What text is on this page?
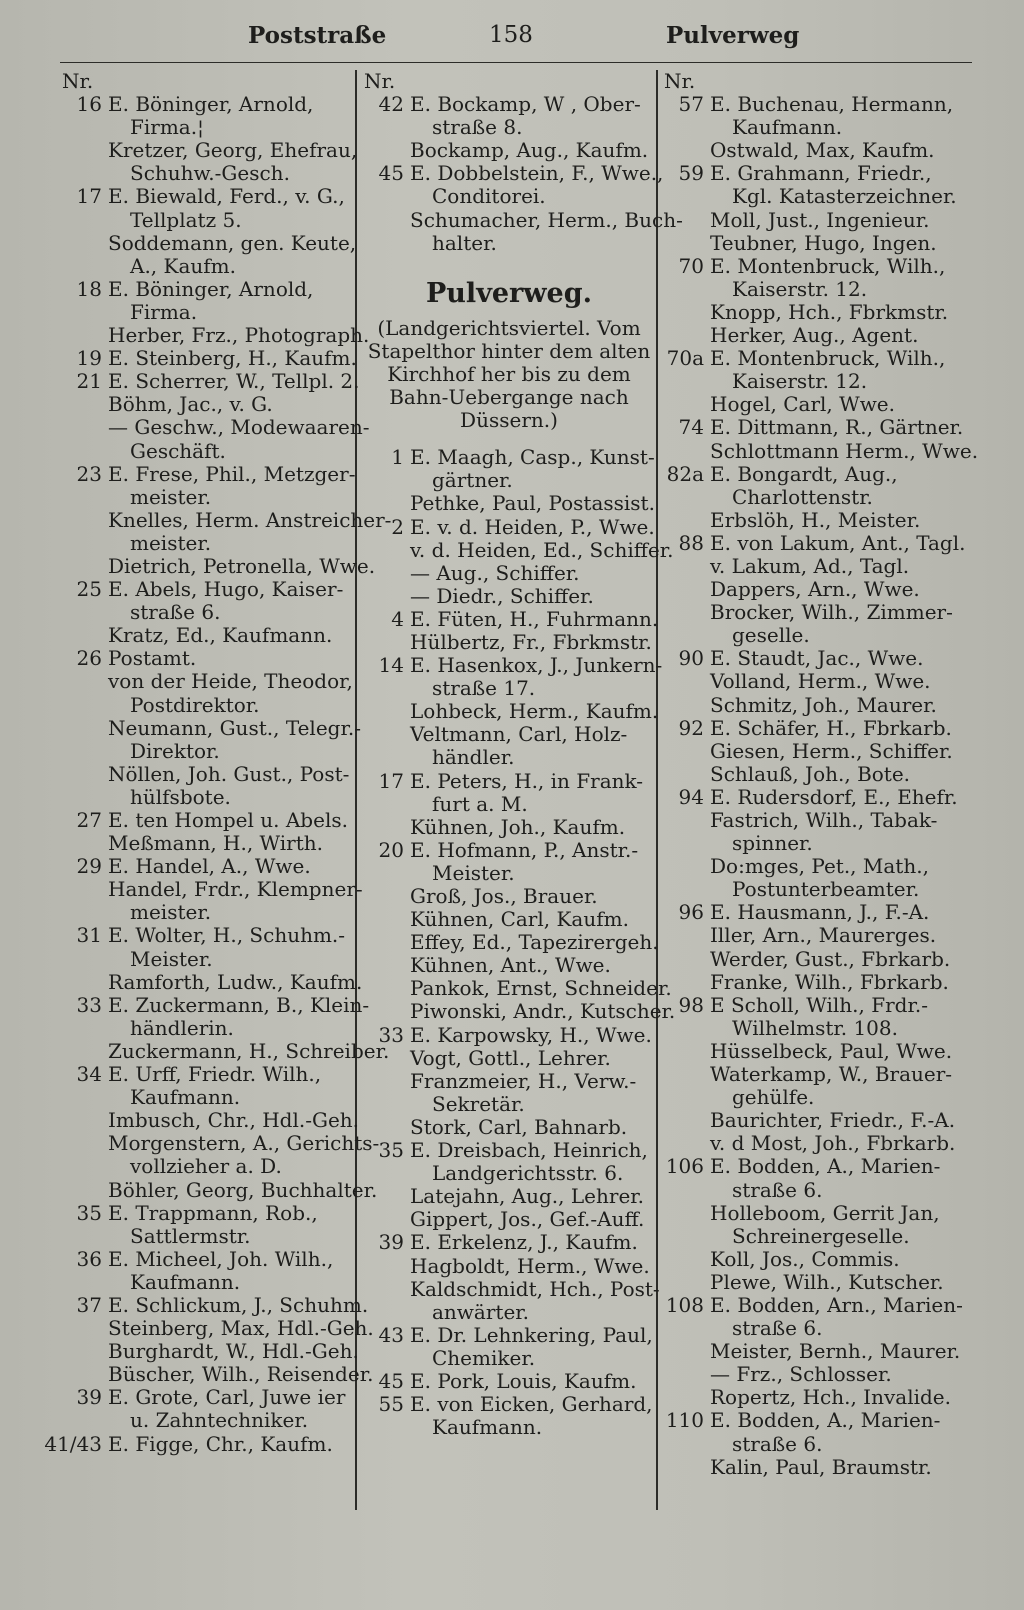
Poststraße	158	Pulverweg
Nr.
16 E. Böninger, Arnold,
Firma.¦
Kretzer, Georg, Ehefrau,
Schuhw.-Gesch.
17 E. Biewald, Ferd., v. G.,
Tellplatz 5.
Soddemann, gen. Keute,
A., Kaufm.
18 E. Böninger, Arnold,
Firma.
Herber, Frz., Photograph.
19 E. Steinberg, H., Kaufm.
21 E. Scherrer, W., Tellpl. 2.
Böhm, Jac., v. G.
— Geschw., Modewaaren-
Geschäft.
23 E. Frese, Phil., Metzger-
meister.
Knelles, Herm. Anstreicher-
meister.
Dietrich, Petronella, Wwe.
25 E. Abels, Hugo, Kaiser-
straße 6.
Kratz, Ed., Kaufmann.
26 Postamt.
von der Heide, Theodor,
Postdirektor.
Neumann, Gust., Telegr.-
Direktor.
Nöllen, Joh. Gust., Post-
hülfsbote.
27 E. ten Hompel u. Abels.
Meßmann, H., Wirth.
29 E. Handel, A., Wwe.
Handel, Frdr., Klempner-
meister.
31 E. Wolter, H., Schuhm.-
Meister.
Ramforth, Ludw., Kaufm.
33 E. Zuckermann, B., Klein-
händlerin.
Zuckermann, H., Schreiber.
34 E. Urff, Friedr. Wilh.,
Kaufmann.
Imbusch, Chr., Hdl.-Geh.
Morgenstern, A., Gerichts-
vollzieher a. D.
Böhler, Georg, Buchhalter.
35 E. Trappmann, Rob.,
Sattlermstr.
36 E. Micheel, Joh. Wilh.,
Kaufmann.
37 E. Schlickum, J., Schuhm.
Steinberg, Max, Hdl.-Geh.
Burghardt, W., Hdl.-Geh.
Büscher, Wilh., Reisender.
39 E. Grote, Carl, Juwe ier
u. Zahntechniker.
41/43 E. Figge, Chr., Kaufm.
Nr.
42 E. Bockamp, W , Ober-
straße 8.
Bockamp, Aug., Kaufm.
45 E. Dobbelstein, F., Wwe.,
Conditorei.
Schumacher, Herm., Buch-
halter.
Pulverweg.
(Landgerichtsviertel. Vom
Stapelthor hinter dem alten
Kirchhof her bis zu dem
Bahn-Uebergange nach
Düssern.)
1 E. Maagh, Casp., Kunst-
gärtner.
Pethke, Paul, Postassist.
2 E. v. d. Heiden, P., Wwe.
v. d. Heiden, Ed., Schiffer.
— Aug., Schiffer.
— Diedr., Schiffer.
4 E. Füten, H., Fuhrmann.
Hülbertz, Fr., Fbrkmstr.
14 E. Hasenkox, J., Junkern-
straße 17.
Lohbeck, Herm., Kaufm.
Veltmann, Carl, Holz-
händler.
17 E. Peters, H., in Frank-
furt a. M.
Kühnen, Joh., Kaufm.
20 E. Hofmann, P., Anstr.-
Meister.
Groß, Jos., Brauer.
Kühnen, Carl, Kaufm.
Effey, Ed., Tapezirergeh.
Kühnen, Ant., Wwe.
Pankok, Ernst, Schneider.
Piwonski, Andr., Kutscher.
33 E. Karpowsky, H., Wwe.
Vogt, Gottl., Lehrer.
Franzmeier, H., Verw.-
Sekretär.
Stork, Carl, Bahnarb.
35 E. Dreisbach, Heinrich,
Landgerichtsstr. 6.
Latejahn, Aug., Lehrer.
Gippert, Jos., Gef.-Auff.
39 E. Erkelenz, J., Kaufm.
Hagboldt, Herm., Wwe.
Kaldschmidt, Hch., Post-
anwärter.
43 E. Dr. Lehnkering, Paul,
Chemiker.
45 E. Pork, Louis, Kaufm.
55 E. von Eicken, Gerhard,
Kaufmann.
Nr.
57 E. Buchenau, Hermann,
Kaufmann.
Ostwald, Max, Kaufm.
59 E. Grahmann, Friedr.,
Kgl. Katasterzeichner.
Moll, Just., Ingenieur.
Teubner, Hugo, Ingen.
70 E. Montenbruck, Wilh.,
Kaiserstr. 12.
Knopp, Hch., Fbrkmstr.
Herker, Aug., Agent.
70a E. Montenbruck, Wilh.,
Kaiserstr. 12.
Hogel, Carl, Wwe.
74 E. Dittmann, R., Gärtner.
Schlottmann Herm., Wwe.
82a E. Bongardt, Aug.,
Charlottenstr.
Erbslöh, H., Meister.
88 E. von Lakum, Ant., Tagl.
v. Lakum, Ad., Tagl.
Dappers, Arn., Wwe.
Brocker, Wilh., Zimmer-
geselle.
90 E. Staudt, Jac., Wwe.
Volland, Herm., Wwe.
Schmitz, Joh., Maurer.
92 E. Schäfer, H., Fbrkarb.
Giesen, Herm., Schiffer.
Schlauß, Joh., Bote.
94 E. Rudersdorf, E., Ehefr.
Fastrich, Wilh., Tabak-
spinner.
Do:mges, Pet., Math.,
Postunterbeamter.
96 E. Hausmann, J., F.-A.
Iller, Arn., Maurerges.
Werder, Gust., Fbrkarb.
Franke, Wilh., Fbrkarb.
98 E Scholl, Wilh., Frdr.-
Wilhelmstr. 108.
Hüsselbeck, Paul, Wwe.
Waterkamp, W., Brauer-
gehülfe.
Baurichter, Friedr., F.-A.
v. d Most, Joh., Fbrkarb.
106 E. Bodden, A., Marien-
straße 6.
Holleboom, Gerrit Jan,
Schreinergeselle.
Koll, Jos., Commis.
Plewe, Wilh., Kutscher.
108 E. Bodden, Arn., Marien-
straße 6.
Meister, Bernh., Maurer.
— Frz., Schlosser.
Ropertz, Hch., Invalide.
110 E. Bodden, A., Marien-
straße 6.
Kalin, Paul, Braumstr.
